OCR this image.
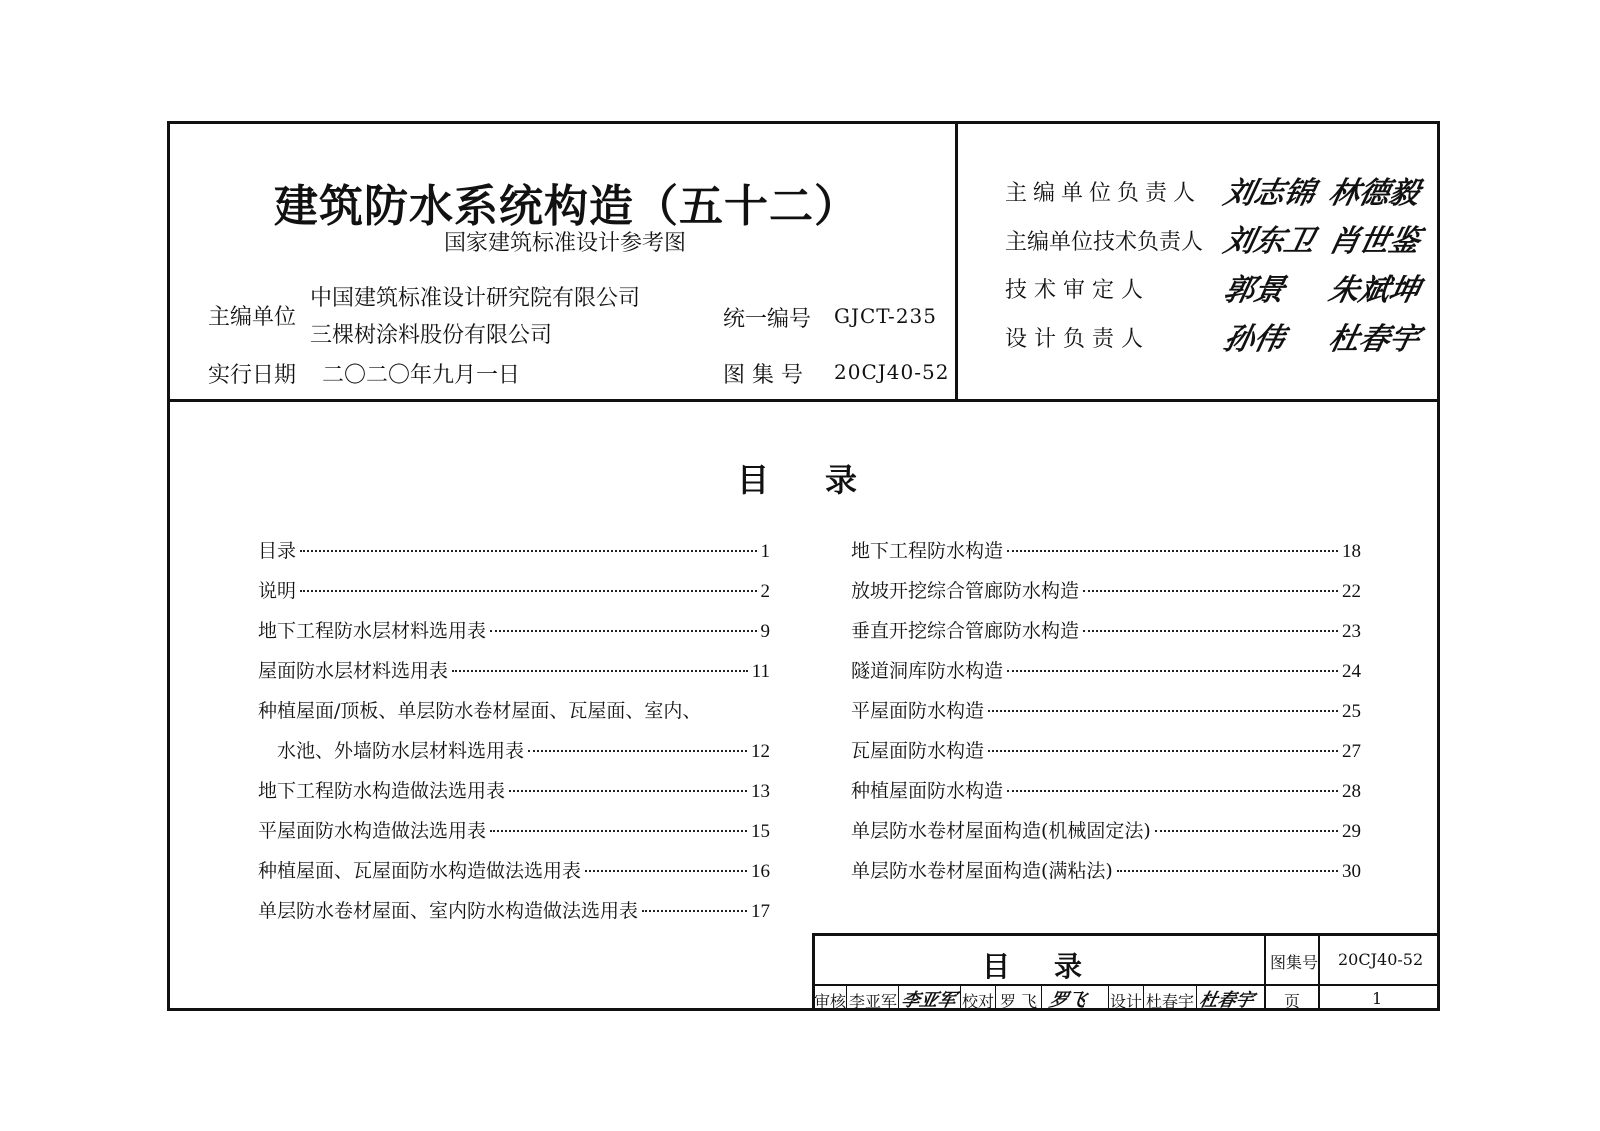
建筑防水系统构造（五十二）
国家建筑标准设计参考图
主编单位
中国建筑标准设计研究院有限公司
三棵树涂料股份有限公司
实行日期 二〇二〇年九月一日
统一编号 GJCT-235
图 集 号 20CJ40-52
主编单位负责人 刘志锦 林德毅
主编单位技术负责人 刘东卫 肖世鉴
技 术 审 定 人	郭景 朱斌坤
设 计 负 责 人	孙伟 杜春宇
目录
目录	1
说明	2
地下工程防水层材料选用表	9
屋面防水层材料选用表	11
种植屋面/顶板、单层防水卷材屋面、瓦屋面、室内、
水池、外墙防水层材料选用表	12
地下工程防水构造做法选用表	13
平屋面防水构造做法选用表	15
种植屋面、瓦屋面防水构造做法选用表	16
单层防水卷材屋面、室内防水构造做法选用表	17
地下工程防水构造	18
放坡开挖综合管廊防水构造	22
垂直开挖综合管廊防水构造	23
隧道洞库防水构造	24
平屋面防水构造	25
瓦屋面防水构造	27
种植屋面防水构造	28
单层防水卷材屋面构造(机械固定法)	29
单层防水卷材屋面构造(满粘法)	30
目录	图集号 20CJ40-52
审核 李亚军 李亚军 校对 罗 飞 罗飞 设计 杜春宇 杜春宇 页	1
